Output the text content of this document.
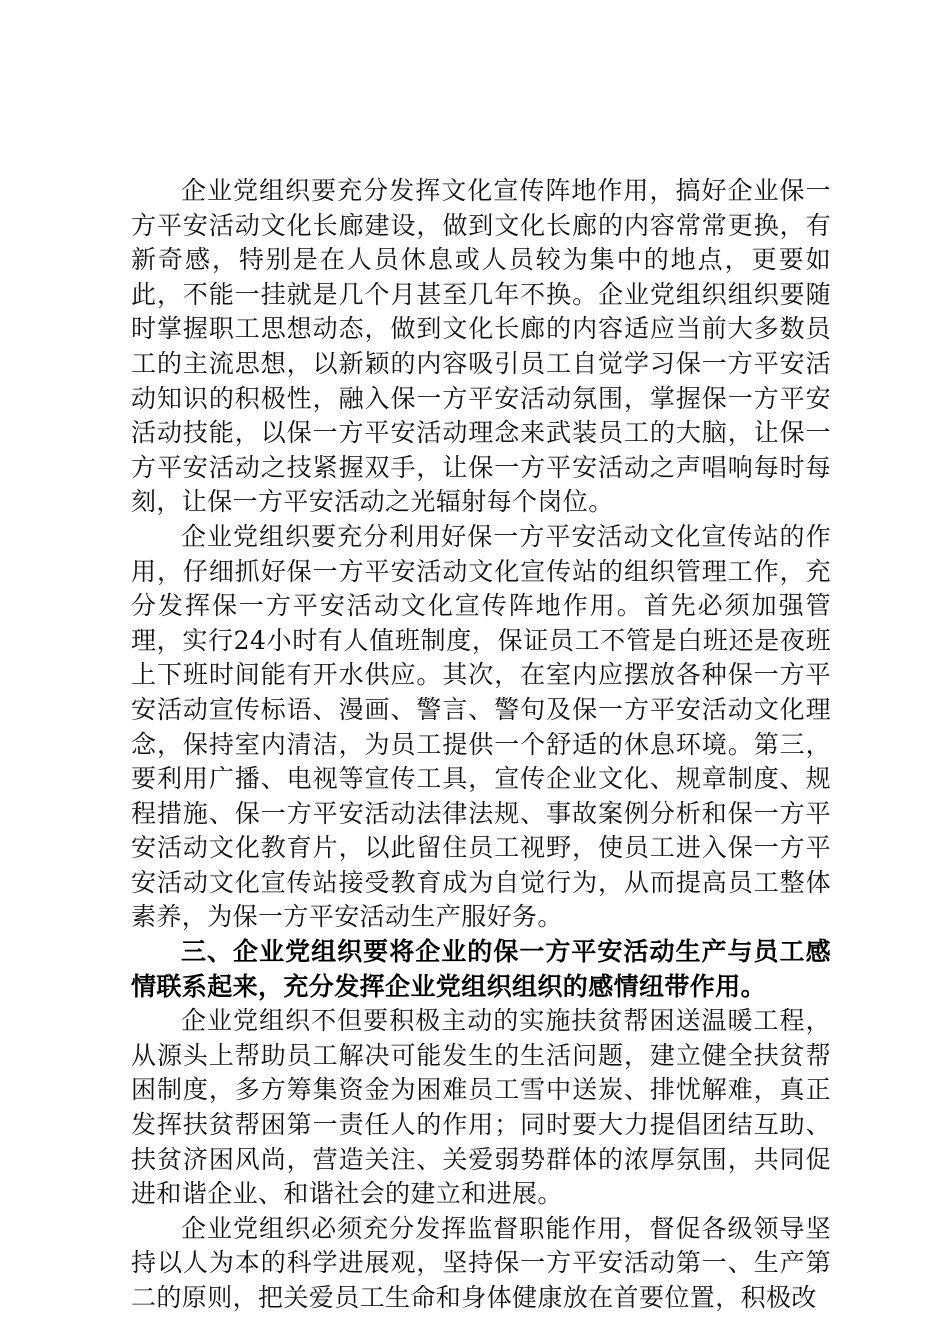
企业党组织要充分发挥文化宣传阵地作用，搞好企业保一方平安活动文化长廊建设，做到文化长廊的内容常常更换，有新奇感，特别是在人员休息或人员较为集中的地点，更要如此，不能一挂就是几个月甚至几年不换。企业党组织组织要随时掌握职工思想动态，做到文化长廊的内容适应当前大多数员工的主流思想，以新颖的内容吸引员工自觉学习保一方平安活动知识的积极性，融入保一方平安活动氛围，掌握保一方平安活动技能，以保一方平安活动理念来武装员工的大脑，让保一方平安活动之技紧握双手，让保一方平安活动之声唱响每时每刻，让保一方平安活动之光辐射每个岗位。

企业党组织要充分利用好保一方平安活动文化宣传站的作用，仔细抓好保一方平安活动文化宣传站的组织管理工作，充分发挥保一方平安活动文化宣传阵地作用。首先必须加强管理，实行24小时有人值班制度，保证员工不管是白班还是夜班上下班时间能有开水供应。其次，在室内应摆放各种保一方平安活动宣传标语、漫画、警言、警句及保一方平安活动文化理念，保持室内清洁，为员工提供一个舒适的休息环境。第三，要利用广播、电视等宣传工具，宣传企业文化、规章制度、规程措施、保一方平安活动法律法规、事故案例分析和保一方平安活动文化教育片，以此留住员工视野，使员工进入保一方平安活动文化宣传站接受教育成为自觉行为，从而提高员工整体素养，为保一方平安活动生产服好务。

三、企业党组织要将企业的保一方平安活动生产与员工感情联系起来，充分发挥企业党组织组织的感情纽带作用。

企业党组织不但要积极主动的实施扶贫帮困送温暖工程，从源头上帮助员工解决可能发生的生活问题，建立健全扶贫帮困制度，多方筹集资金为困难员工雪中送炭、排忧解难，真正发挥扶贫帮困第一责任人的作用；同时要大力提倡团结互助、扶贫济困风尚，营造关注、关爱弱势群体的浓厚氛围，共同促进和谐企业、和谐社会的建立和进展。

企业党组织必须充分发挥监督职能作用，督促各级领导坚持以人为本的科学进展观，坚持保一方平安活动第一、生产第二的原则，把关爱员工生命和身体健康放在首要位置，积极改
